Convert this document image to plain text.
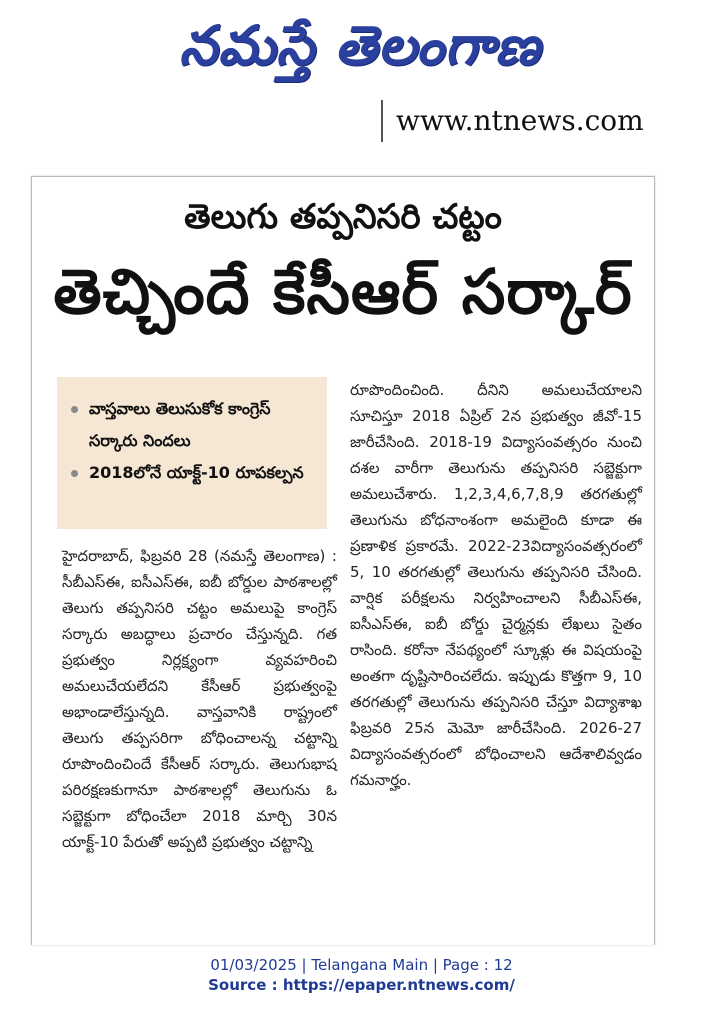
నమస్తే తెలంగాణ
www.ntnews.com
తెలుగు తప్పనిసరి చట్టం
తెచ్చిందే కేసీఆర్ సర్కార్
వాస్తవాలు తెలుసుకోక కాంగ్రెస్ సర్కారు నిందలు
2018లోనే యాక్ట్-10 రూపకల్పన

హైదరాబాద్, ఫిబ్రవరి 28 (నమస్తే తెలంగాణ) : సీబీఎస్ఈ, ఐసీఎస్ఈ, ఐబీ బోర్డుల పాఠశాలల్లో తెలుగు తప్పనిసరి చట్టం అమలుపై కాంగ్రెస్ సర్కారు అబద్ధాలు ప్రచారం చేస్తున్నది. గత ప్రభుత్వం నిర్లక్ష్యంగా వ్యవహరించి అమలుచేయలేదని కేసీఆర్ ప్రభుత్వంపై అభాండాలేస్తున్నది. వాస్తవానికి రాష్ట్రంలో తెలుగు తప్పసరిగా బోధించాలన్న చట్టాన్ని రూపొందించిందే కేసీఆర్ సర్కారు. తెలుగుభాష పరిరక్షణకుగానూ పాఠశాలల్లో తెలుగును ఓ సబ్జెక్టుగా బోధించేలా 2018 మార్చి 30న యాక్ట్-10 పేరుతో అప్పటి ప్రభుత్వం చట్టాన్ని

రూపొందించింది. దీనిని అమలుచేయాలని సూచిస్తూ 2018 ఏప్రిల్ 2న ప్రభుత్వం జీవో-15 జారీచేసింది. 2018-19 విద్యాసంవత్సరం నుంచి దశల వారీగా తెలుగును తప్పనిసరి సబ్జెక్టుగా అమలుచేశారు. 1,2,3,4,6,7,8,9 తరగతుల్లో తెలుగును బోధనాంశంగా అమలైంది కూడా ఈ ప్రణాళిక ప్రకారమే. 2022-23విద్యాసంవత్సరంలో 5, 10 తరగతుల్లో తెలుగును తప్పనిసరి చేసింది. వార్షిక పరీక్షలను నిర్వహించాలని సీబీఎస్ఈ, ఐసీఎస్ఈ, ఐబీ బోర్డు చైర్మన్లకు లేఖలు సైతం రాసింది. కరోనా నేపథ్యంలో స్కూళ్లు ఈ విషయంపై అంతగా దృష్టిసారించలేదు. ఇప్పుడు కొత్తగా 9, 10 తరగతుల్లో తెలుగును తప్పనిసరి చేస్తూ విద్యాశాఖ ఫిబ్రవరి 25న మెమో జారీచేసింది. 2026-27 విద్యాసంవత్సరంలో బోధించాలని ఆదేశాలివ్వడం గమనార్హం.

01/03/2025 | Telangana Main | Page : 12
Source : https://epaper.ntnews.com/
